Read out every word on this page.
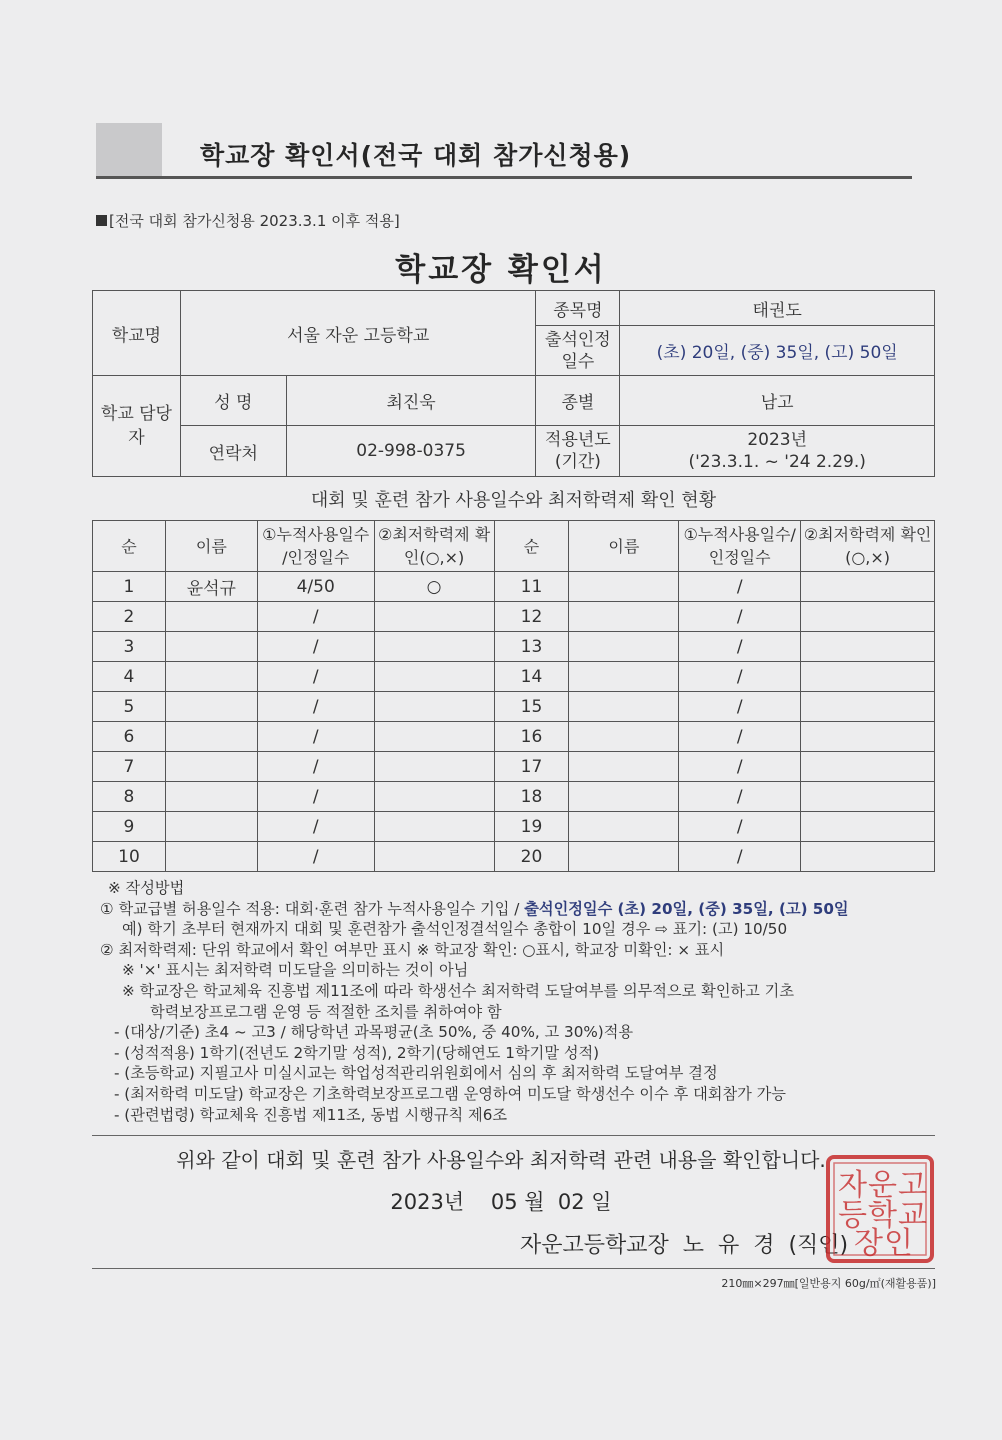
학교장 확인서(전국 대회 참가신청용)
[전국 대회 참가신청용 2023.3.1 이후 적용]
학교장 확인서
학교명	서울 자운 고등학교		종목명	태권도
			출석인정 일수	(초) 20일, (중) 35일, (고) 50일
학교 담당자	성 명	최진욱	종별	남고
	연락처	02-998-0375	적용년도 (기간)	2023년
('23.3.1. ~ '24 2.29.)
대회 및 훈련 참가 사용일수와 최저학력제 확인 현황
순	이름	①누적사용일수 /인정일수	②최저학력제 확인(○,×)	순	이름	①누적사용일수/ 인정일수	②최저학력제 확인(○,×)
1	윤석규	4/50	○	11		/	
2		/		12		/	
3		/		13		/	
4		/		14		/	
5		/		15		/	
6		/		16		/	
7		/		17		/	
8		/		18		/	
9		/		19		/	
10		/		20		/	
※ 작성방법
① 학교급별 허용일수 적용: 대회·훈련 참가 누적사용일수 기입 / 출석인정일수 (초) 20일, (중) 35일, (고) 50일
예) 학기 초부터 현재까지 대회 및 훈련참가 출석인정결석일수 총합이 10일 경우 ⇨ 표기: (고) 10/50
② 최저학력제: 단위 학교에서 확인 여부만 표시 ※ 학교장 확인: ○표시, 학교장 미확인: × 표시
※ '×' 표시는 최저학력 미도달을 의미하는 것이 아님
※ 학교장은 학교체육 진흥법 제11조에 따라 학생선수 최저학력 도달여부를 의무적으로 확인하고 기초
학력보장프로그램 운영 등 적절한 조치를 취하여야 함
- (대상/기준) 초4 ~ 고3 / 해당학년 과목평균(초 50%, 중 40%, 고 30%)적용
- (성적적용) 1학기(전년도 2학기말 성적), 2학기(당해연도 1학기말 성적)
- (초등학교) 지필고사 미실시교는 학업성적관리위원회에서 심의 후 최저학력 도달여부 결정
- (최저학력 미도달) 학교장은 기초학력보장프로그램 운영하여 미도달 학생선수 이수 후 대회참가 가능
- (관련법령) 학교체육 진흥법 제11조, 동법 시행규칙 제6조
위와 같이 대회 및 훈련 참가 사용일수와 최저학력 관련 내용을 확인합니다.
2023년    05 월  02 일
자운고등학교장  노  유  경  (직인)
자 운 고
등 학 교
장 인
210㎜×297㎜[일반용지 60g/㎡(재활용품)]
